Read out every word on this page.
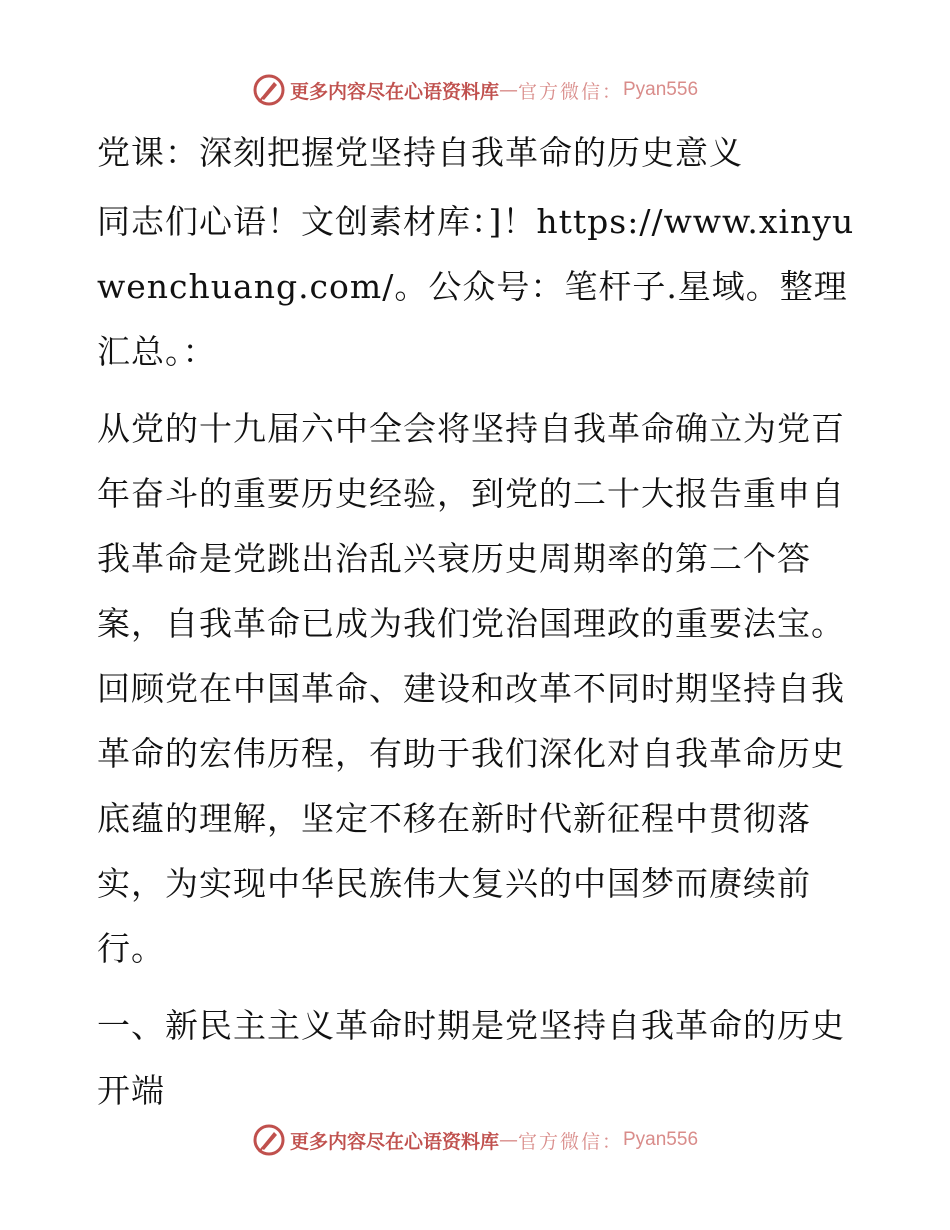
更多内容尽在心语资料库 — 官方微信： Pyan556

党课：深刻把握党坚持自我革命的历史意义

同志们心语！文创素材库：]！https://www.xinyuwenchuang.com/。公众号：笔杆子.星域。整理汇总。：

从党的十九届六中全会将坚持自我革命确立为党百年奋斗的重要历史经验，到党的二十大报告重申自我革命是党跳出治乱兴衰历史周期率的第二个答案，自我革命已成为我们党治国理政的重要法宝。回顾党在中国革命、建设和改革不同时期坚持自我革命的宏伟历程，有助于我们深化对自我革命历史底蕴的理解，坚定不移在新时代新征程中贯彻落实，为实现中华民族伟大复兴的中国梦而赓续前行。

一、新民主主义革命时期是党坚持自我革命的历史开端

更多内容尽在心语资料库 — 官方微信： Pyan556
